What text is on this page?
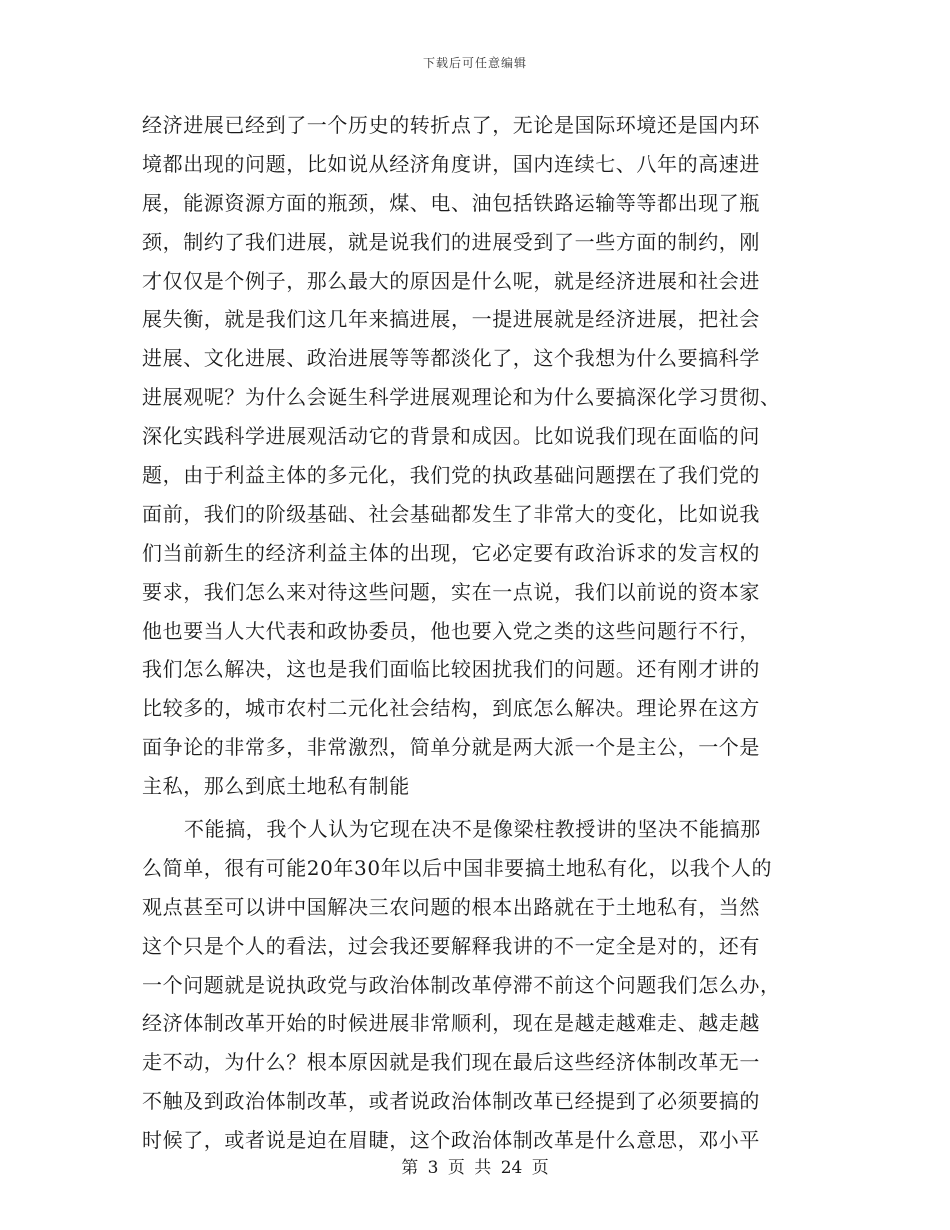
下载后可任意编辑
经济进展已经到了一个历史的转折点了，无论是国际环境还是国内环
境都出现的问题，比如说从经济角度讲，国内连续七、八年的高速进
展，能源资源方面的瓶颈，煤、电、油包括铁路运输等等都出现了瓶
颈，制约了我们进展，就是说我们的进展受到了一些方面的制约，刚
才仅仅是个例子，那么最大的原因是什么呢，就是经济进展和社会进
展失衡，就是我们这几年来搞进展，一提进展就是经济进展，把社会
进展、文化进展、政治进展等等都淡化了，这个我想为什么要搞科学
进展观呢？为什么会诞生科学进展观理论和为什么要搞深化学习贯彻、
深化实践科学进展观活动它的背景和成因。比如说我们现在面临的问
题，由于利益主体的多元化，我们党的执政基础问题摆在了我们党的
面前，我们的阶级基础、社会基础都发生了非常大的变化，比如说我
们当前新生的经济利益主体的出现，它必定要有政治诉求的发言权的
要求，我们怎么来对待这些问题，实在一点说，我们以前说的资本家
他也要当人大代表和政协委员，他也要入党之类的这些问题行不行，
我们怎么解决，这也是我们面临比较困扰我们的问题。还有刚才讲的
比较多的，城市农村二元化社会结构，到底怎么解决。理论界在这方
面争论的非常多，非常激烈，简单分就是两大派一个是主公，一个是
主私，那么到底土地私有制能
不能搞，我个人认为它现在决不是像梁柱教授讲的坚决不能搞那
么简单，很有可能20年30年以后中国非要搞土地私有化，以我个人的
观点甚至可以讲中国解决三农问题的根本出路就在于土地私有，当然
这个只是个人的看法，过会我还要解释我讲的不一定全是对的，还有
一个问题就是说执政党与政治体制改革停滞不前这个问题我们怎么办，
经济体制改革开始的时候进展非常顺利，现在是越走越难走、越走越
走不动，为什么？根本原因就是我们现在最后这些经济体制改革无一
不触及到政治体制改革，或者说政治体制改革已经提到了必须要搞的
时候了，或者说是迫在眉睫，这个政治体制改革是什么意思，邓小平
第 3 页 共 24 页
